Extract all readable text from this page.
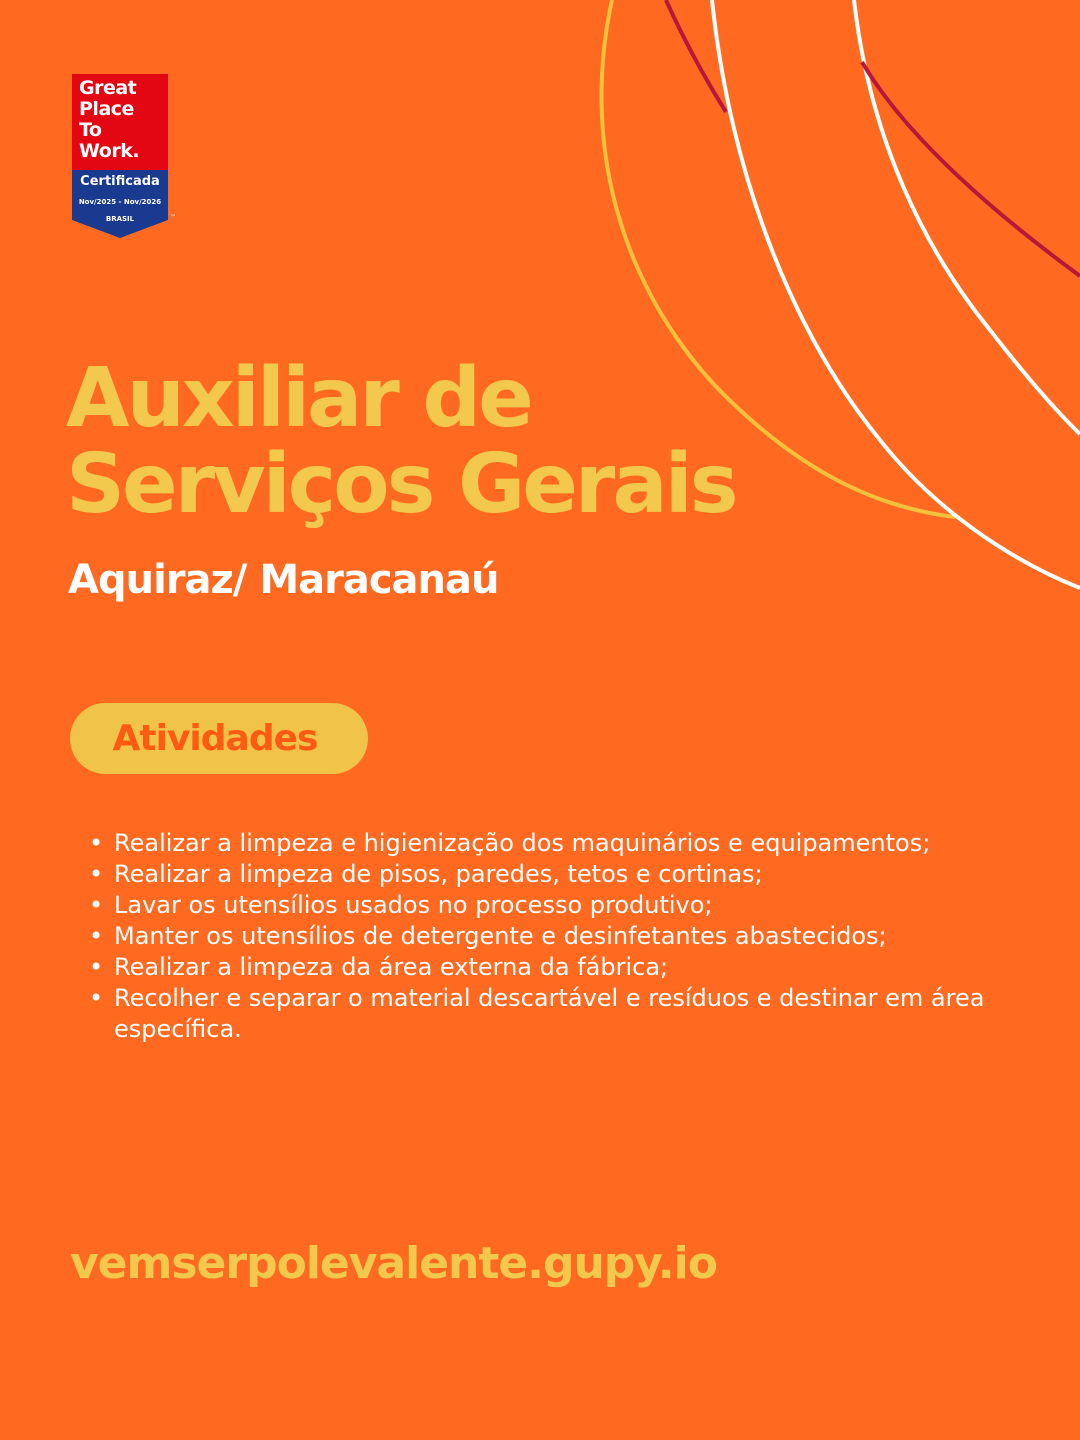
Great
Place
To
Work.
Certificada
Nov/2025 - Nov/2026
BRASIL	™
Auxiliar de
Serviços Gerais

Aquiraz/ Maracanaú

Atividades
• Realizar a limpeza e higienização dos maquinários e equipamentos;
• Realizar a limpeza de pisos, paredes, tetos e cortinas;
• Lavar os utensílios usados no processo produtivo;
• Manter os utensílios de detergente e desinfetantes abastecidos;
• Realizar a limpeza da área externa da fábrica;
• Recolher e separar o material descartável e resíduos e destinar em área específica.

vemserpolevalente.gupy.io
